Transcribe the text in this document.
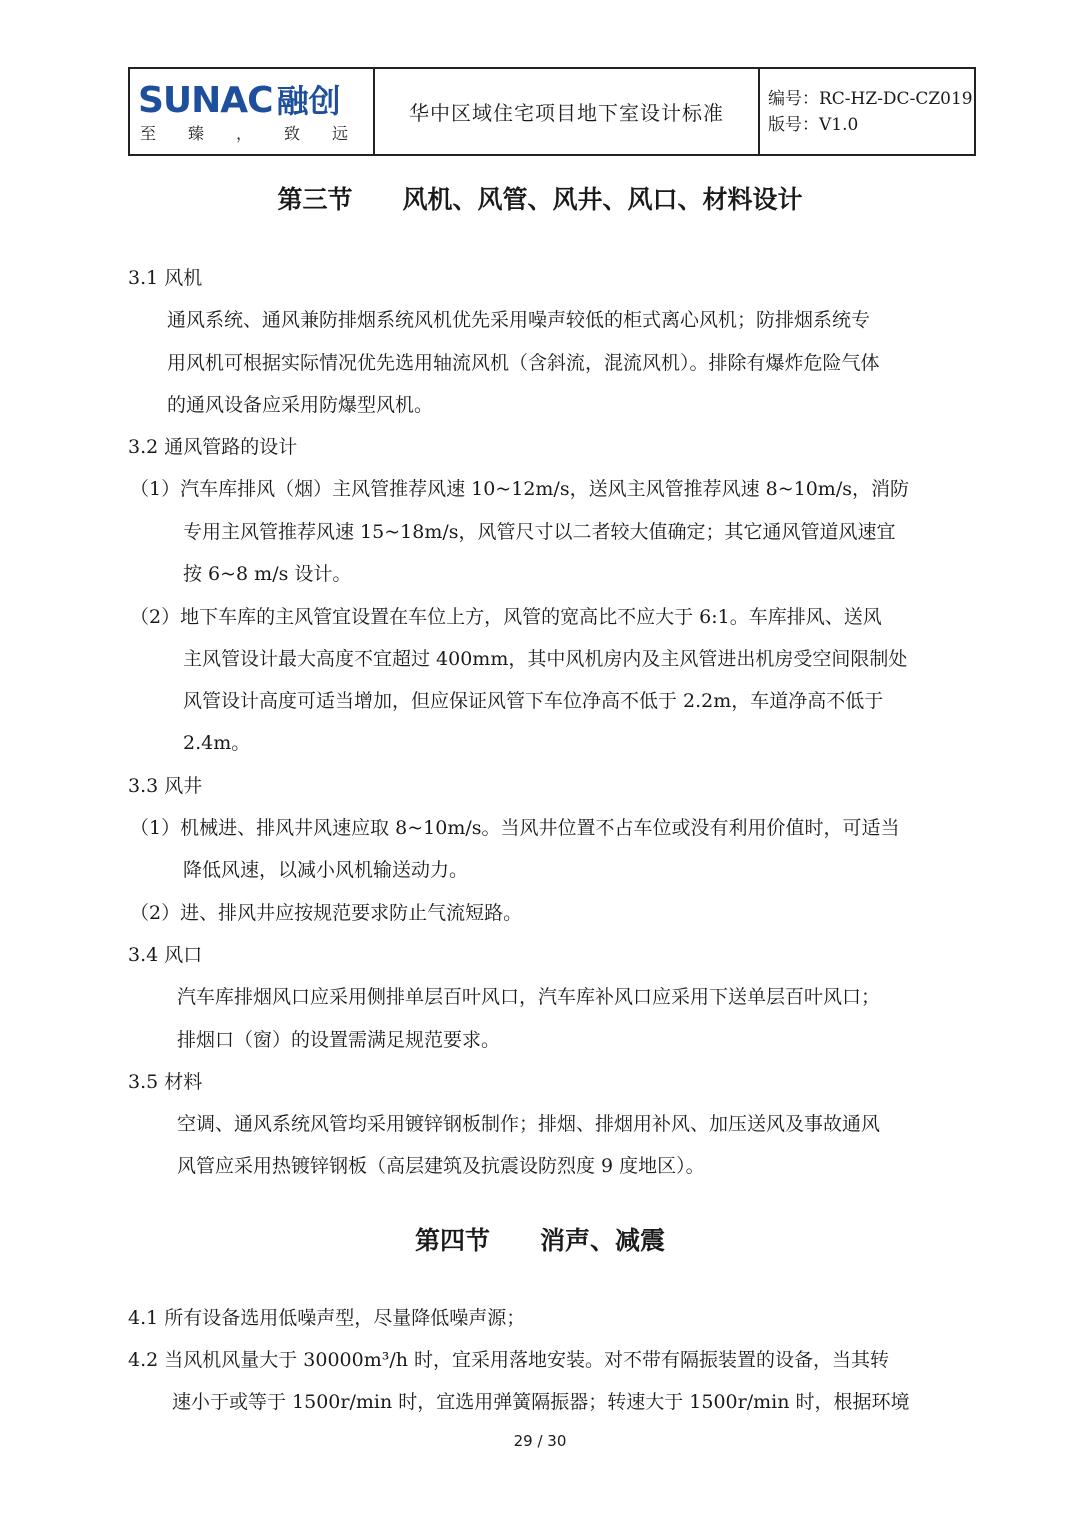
SUNAC 融创
至 臻 ， 致 远
华中区域住宅项目地下室设计标准
编号：RC-HZ-DC-CZ019
版号：V1.0
第三节　　风机、风管、风井、风口、材料设计
3.1 风机
通风系统、通风兼防排烟系统风机优先采用噪声较低的柜式离心风机；防排烟系统专
用风机可根据实际情况优先选用轴流风机（含斜流，混流风机）。排除有爆炸危险气体
的通风设备应采用防爆型风机。
3.2 通风管路的设计
（1）汽车库排风（烟）主风管推荐风速 10~12m/s，送风主风管推荐风速 8~10m/s，消防
专用主风管推荐风速 15~18m/s，风管尺寸以二者较大值确定；其它通风管道风速宜
按 6~8 m/s 设计。
（2）地下车库的主风管宜设置在车位上方，风管的宽高比不应大于 6:1。车库排风、送风
主风管设计最大高度不宜超过 400mm，其中风机房内及主风管进出机房受空间限制处
风管设计高度可适当增加，但应保证风管下车位净高不低于 2.2m，车道净高不低于
2.4m。
3.3 风井
（1）机械进、排风井风速应取 8~10m/s。当风井位置不占车位或没有利用价值时，可适当
降低风速，以减小风机输送动力。
（2）进、排风井应按规范要求防止气流短路。
3.4 风口
汽车库排烟风口应采用侧排单层百叶风口，汽车库补风口应采用下送单层百叶风口；
排烟口（窗）的设置需满足规范要求。
3.5 材料
空调、通风系统风管均采用镀锌钢板制作；排烟、排烟用补风、加压送风及事故通风
风管应采用热镀锌钢板（高层建筑及抗震设防烈度 9 度地区）。
第四节　　消声、减震
4.1 所有设备选用低噪声型，尽量降低噪声源；
4.2 当风机风量大于 30000m³/h 时，宜采用落地安装。对不带有隔振装置的设备，当其转
速小于或等于 1500r/min 时，宜选用弹簧隔振器；转速大于 1500r/min 时，根据环境
29 / 30
